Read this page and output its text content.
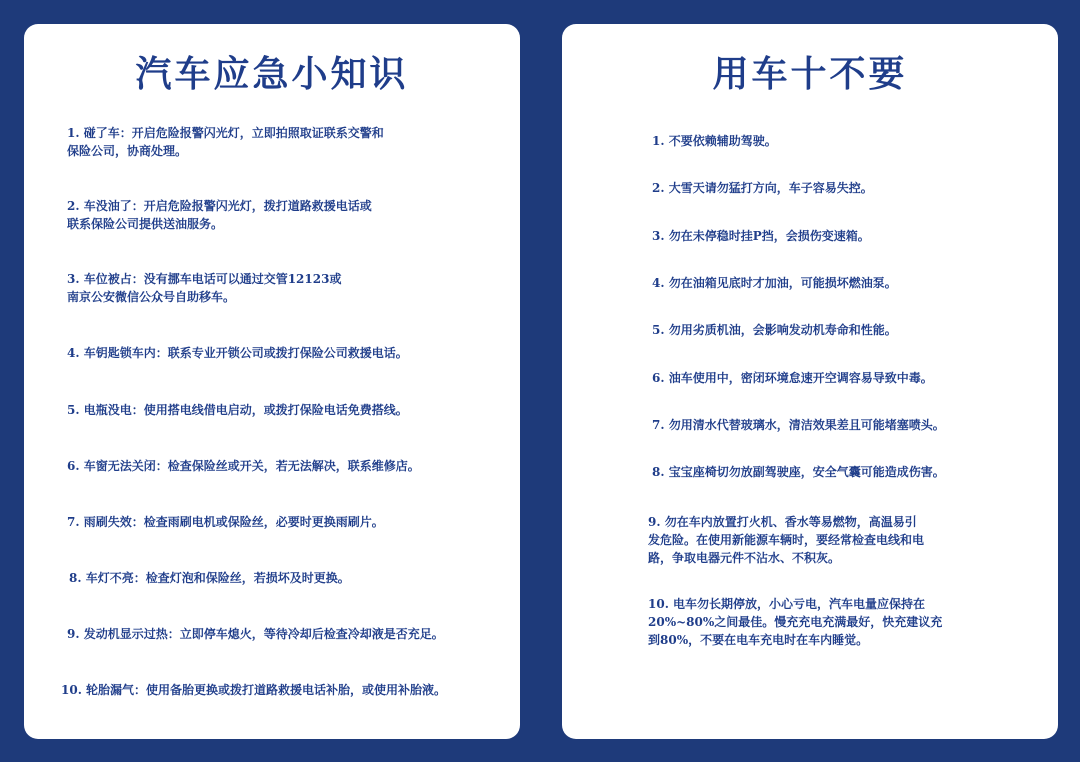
汽车应急小知识
1. 碰了车：开启危险报警闪光灯，立即拍照取证联系交警和
保险公司，协商处理。
2. 车没油了：开启危险报警闪光灯，拨打道路救援电话或
联系保险公司提供送油服务。
3. 车位被占：没有挪车电话可以通过交管12123或
南京公安微信公众号自助移车。
4. 车钥匙锁车内：联系专业开锁公司或拨打保险公司救援电话。
5. 电瓶没电：使用搭电线借电启动，或拨打保险电话免费搭线。
6. 车窗无法关闭：检查保险丝或开关，若无法解决，联系维修店。
7. 雨刷失效：检查雨刷电机或保险丝，必要时更换雨刷片。
8. 车灯不亮：检查灯泡和保险丝，若损坏及时更换。
9. 发动机显示过热：立即停车熄火，等待冷却后检查冷却液是否充足。
10. 轮胎漏气：使用备胎更换或拨打道路救援电话补胎，或使用补胎液。
用车十不要
1. 不要依赖辅助驾驶。
2. 大雪天请勿猛打方向，车子容易失控。
3. 勿在未停稳时挂P挡，会损伤变速箱。
4. 勿在油箱见底时才加油，可能损坏燃油泵。
5. 勿用劣质机油，会影响发动机寿命和性能。
6. 油车使用中，密闭环境怠速开空调容易导致中毒。
7. 勿用清水代替玻璃水，清洁效果差且可能堵塞喷头。
8. 宝宝座椅切勿放副驾驶座，安全气囊可能造成伤害。
9. 勿在车内放置打火机、香水等易燃物，高温易引
发危险。在使用新能源车辆时，要经常检查电线和电
路，争取电器元件不沾水、不积灰。
10. 电车勿长期停放，小心亏电，汽车电量应保持在
20%~80%之间最佳。慢充充电充满最好，快充建议充
到80%，不要在电车充电时在车内睡觉。
